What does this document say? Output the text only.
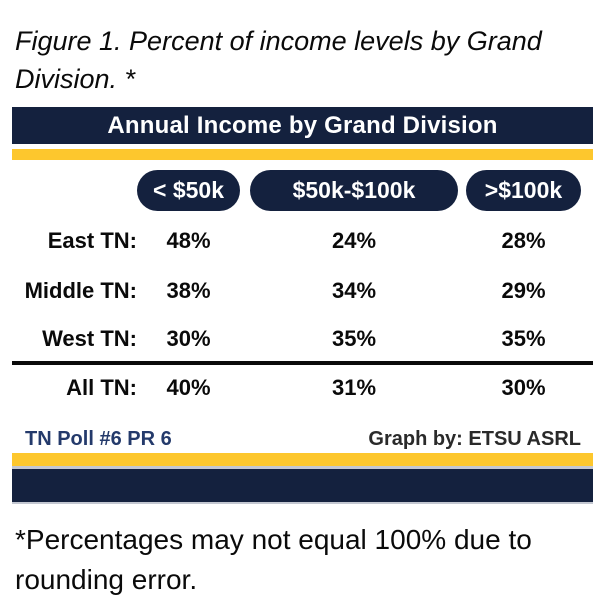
Figure 1. Percent of income levels by Grand Division. *
Annual Income by Grand Division
< $50k	$50k-$100k	>$100k
East TN:	48%	24%	28%
Middle TN:	38%	34%	29%
West TN:	30%	35%	35%
All TN:	40%	31%	30%
TN Poll #6 PR 6	Graph by: ETSU ASRL
*Percentages may not equal 100% due to rounding error.
